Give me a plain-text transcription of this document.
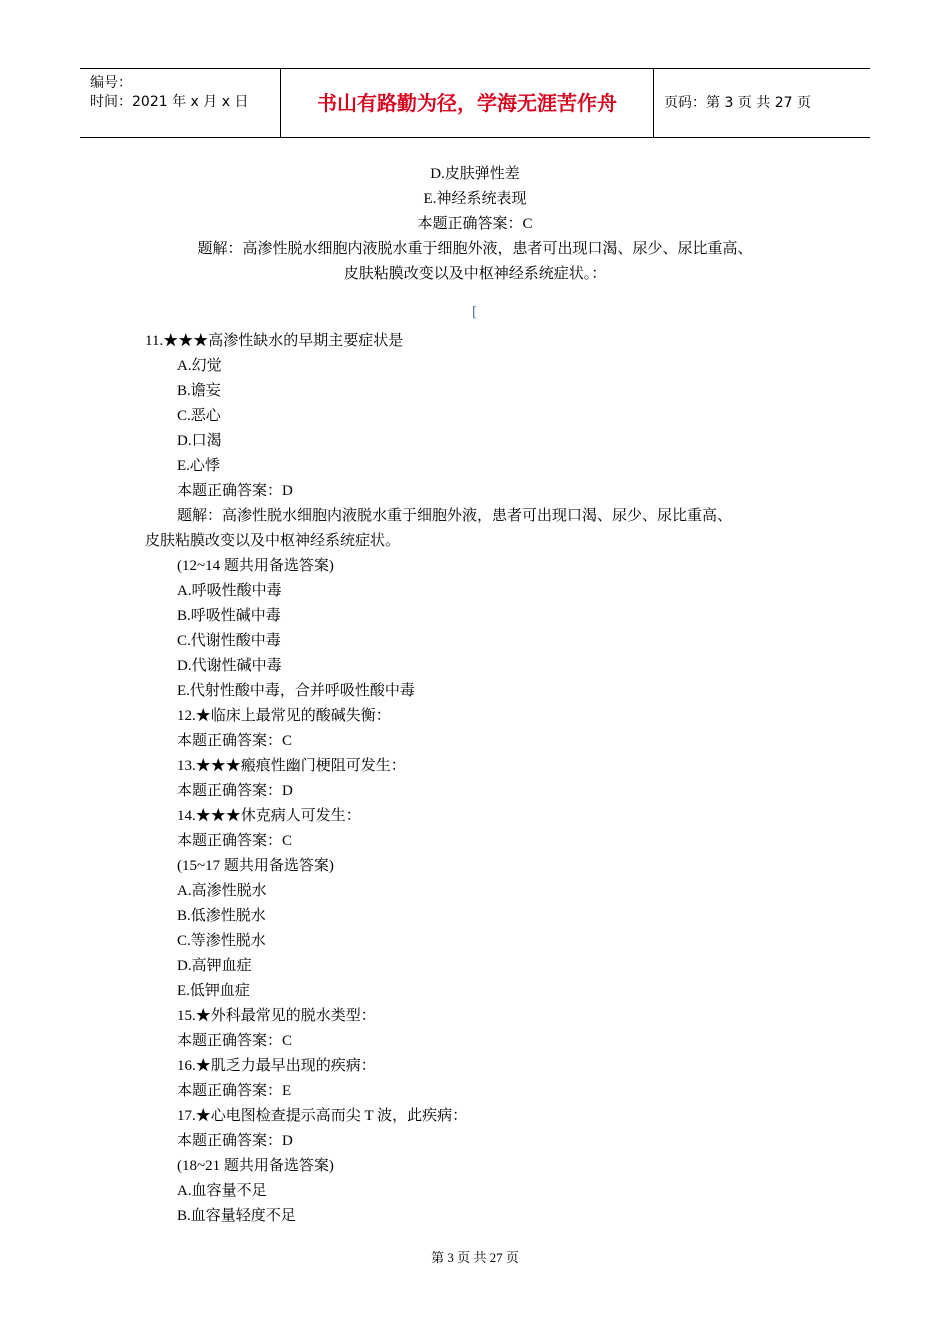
编号：
时间：2021 年 x 月 x 日	书山有路勤为径，学海无涯苦作舟	页码：第 3 页 共 27 页
D.皮肤弹性差
E.神经系统表现
本题正确答案：C
题解：高渗性脱水细胞内液脱水重于细胞外液，患者可出现口渴、尿少、尿比重高、
皮肤粘膜改变以及中枢神经系统症状。：
[
11.★★★高渗性缺水的早期主要症状是
A.幻觉
B.谵妄
C.恶心
D.口渴
E.心悸
本题正确答案：D
题解：高渗性脱水细胞内液脱水重于细胞外液，患者可出现口渴、尿少、尿比重高、
皮肤粘膜改变以及中枢神经系统症状。
(12~14 题共用备选答案)
A.呼吸性酸中毒
B.呼吸性碱中毒
C.代谢性酸中毒
D.代谢性碱中毒
E.代射性酸中毒，合并呼吸性酸中毒
12.★临床上最常见的酸碱失衡：
本题正确答案：C
13.★★★瘢痕性幽门梗阻可发生：
本题正确答案：D
14.★★★休克病人可发生：
本题正确答案：C
(15~17 题共用备选答案)
A.高渗性脱水
B.低渗性脱水
C.等渗性脱水
D.高钾血症
E.低钾血症
15.★外科最常见的脱水类型：
本题正确答案：C
16.★肌乏力最早出现的疾病：
本题正确答案：E
17.★心电图检查提示高而尖 T 波，此疾病：
本题正确答案：D
(18~21 题共用备选答案)
A.血容量不足
B.血容量轻度不足
第 3 页 共 27 页
